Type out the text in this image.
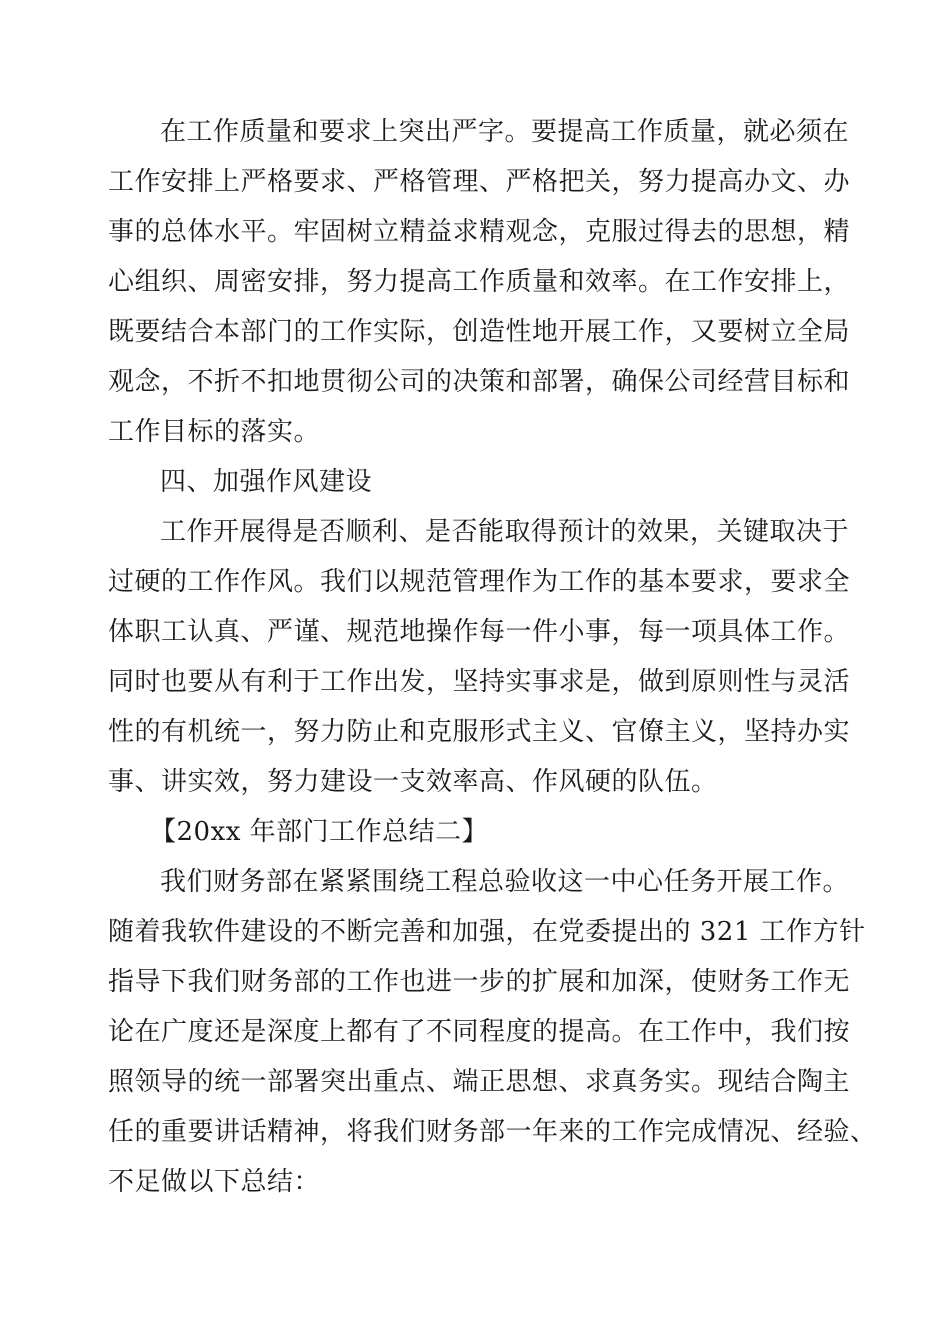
在工作质量和要求上突出严字。要提高工作质量，就必须在
工作安排上严格要求、严格管理、严格把关，努力提高办文、办
事的总体水平。牢固树立精益求精观念，克服过得去的思想，精
心组织、周密安排，努力提高工作质量和效率。在工作安排上，
既要结合本部门的工作实际，创造性地开展工作，又要树立全局
观念，不折不扣地贯彻公司的决策和部署，确保公司经营目标和
工作目标的落实。
四、加强作风建设
工作开展得是否顺利、是否能取得预计的效果，关键取决于
过硬的工作作风。我们以规范管理作为工作的基本要求，要求全
体职工认真、严谨、规范地操作每一件小事，每一项具体工作。
同时也要从有利于工作出发，坚持实事求是，做到原则性与灵活
性的有机统一，努力防止和克服形式主义、官僚主义，坚持办实
事、讲实效，努力建设一支效率高、作风硬的队伍。
【20xx 年部门工作总结二】
我们财务部在紧紧围绕工程总验收这一中心任务开展工作。
随着我软件建设的不断完善和加强，在党委提出的 321 工作方针
指导下我们财务部的工作也进一步的扩展和加深，使财务工作无
论在广度还是深度上都有了不同程度的提高。在工作中，我们按
照领导的统一部署突出重点、端正思想、求真务实。现结合陶主
任的重要讲话精神，将我们财务部一年来的工作完成情况、经验、
不足做以下总结：
